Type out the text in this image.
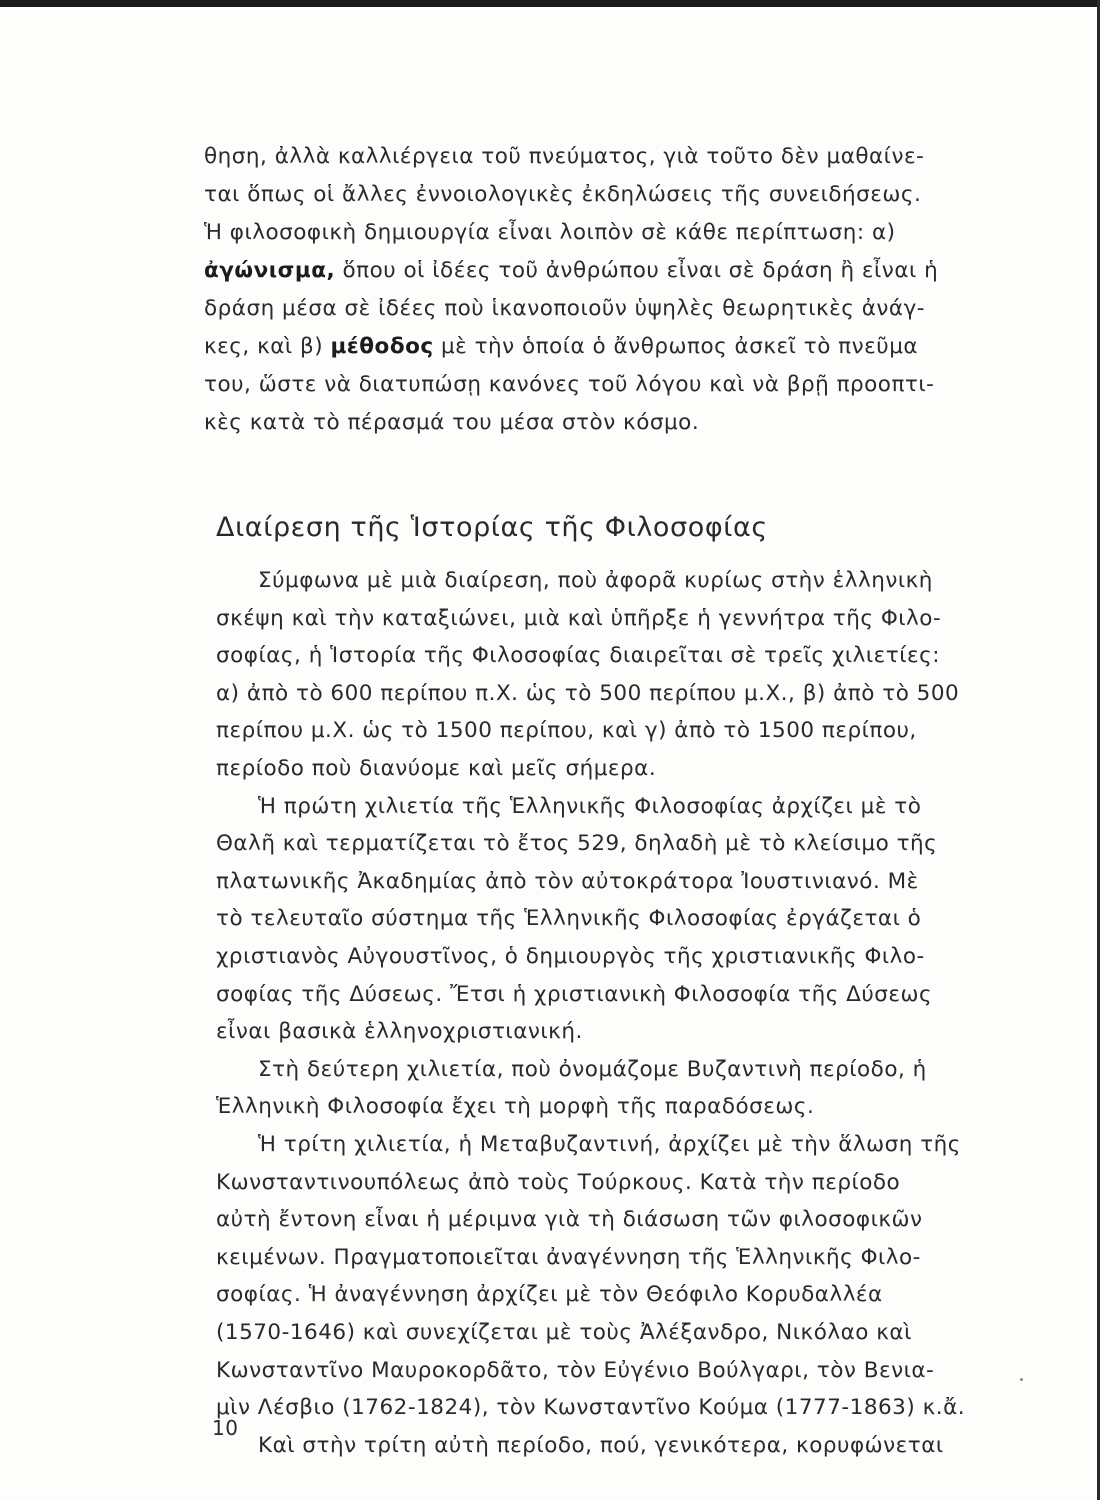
θηση, ἀλλὰ καλλιέργεια τοῦ πνεύματος, γιὰ τοῦτο δὲν μαθαίνε-

ται ὅπως οἱ ἄλλες ἐννοιολογικὲς ἐκδηλώσεις τῆς συνειδήσεως.

Ἡ φιλοσοφικὴ δημιουργία εἶναι λοιπὸν σὲ κάθε περίπτωση: α)

ἀγώνισμα, ὅπου οἱ ἰδέες τοῦ ἀνθρώπου εἶναι σὲ δράση ἢ εἶναι ἡ

δράση μέσα σὲ ἰδέες ποὺ ἱκανοποιοῦν ὑψηλὲς θεωρητικὲς ἀνάγ-

κες, καὶ β) μέθοδος μὲ τὴν ὁποία ὁ ἄνθρωπος ἀσκεῖ τὸ πνεῦμα

του, ὥστε νὰ διατυπώσῃ κανόνες τοῦ λόγου καὶ νὰ βρῇ προοπτι-

κὲς κατὰ τὸ πέρασμά του μέσα στὸν κόσμο.

Διαίρεση τῆς Ἱστορίας τῆς Φιλοσοφίας

Σύμφωνα μὲ μιὰ διαίρεση, ποὺ ἀφορᾶ κυρίως στὴν ἑλληνικὴ

σκέψη καὶ τὴν καταξιώνει, μιὰ καὶ ὑπῆρξε ἡ γεννήτρα τῆς Φιλο-

σοφίας, ἡ Ἱστορία τῆς Φιλοσοφίας διαιρεῖται σὲ τρεῖς χιλιετίες:

α) ἀπὸ τὸ 600 περίπου π.Χ. ὡς τὸ 500 περίπου μ.Χ., β) ἀπὸ τὸ 500

περίπου μ.Χ. ὡς τὸ 1500 περίπου, καὶ γ) ἀπὸ τὸ 1500 περίπου,

περίοδο ποὺ διανύομε καὶ μεῖς σήμερα.

Ἡ πρώτη χιλιετία τῆς Ἑλληνικῆς Φιλοσοφίας ἀρχίζει μὲ τὸ

Θαλῆ καὶ τερματίζεται τὸ ἔτος 529, δηλαδὴ μὲ τὸ κλείσιμο τῆς

πλατωνικῆς Ἀκαδημίας ἀπὸ τὸν αὐτοκράτορα Ἰουστινιανό. Μὲ

τὸ τελευταῖο σύστημα τῆς Ἑλληνικῆς Φιλοσοφίας ἐργάζεται ὁ

χριστιανὸς Αὐγουστῖνος, ὁ δημιουργὸς τῆς χριστιανικῆς Φιλο-

σοφίας τῆς Δύσεως. Ἔτσι ἡ χριστιανικὴ Φιλοσοφία τῆς Δύσεως

εἶναι βασικὰ ἑλληνοχριστιανική.

Στὴ δεύτερη χιλιετία, ποὺ ὀνομάζομε Βυζαντινὴ περίοδο, ἡ

Ἑλληνικὴ Φιλοσοφία ἔχει τὴ μορφὴ τῆς παραδόσεως.

Ἡ τρίτη χιλιετία, ἡ Μεταβυζαντινή, ἀρχίζει μὲ τὴν ἅλωση τῆς

Κωνσταντινουπόλεως ἀπὸ τοὺς Τούρκους. Κατὰ τὴν περίοδο

αὐτὴ ἔντονη εἶναι ἡ μέριμνα γιὰ τὴ διάσωση τῶν φιλοσοφικῶν

κειμένων. Πραγματοποιεῖται ἀναγέννηση τῆς Ἑλληνικῆς Φιλο-

σοφίας. Ἡ ἀναγέννηση ἀρχίζει μὲ τὸν Θεόφιλο Κορυδαλλέα

(1570-1646) καὶ συνεχίζεται μὲ τοὺς Ἀλέξανδρο, Νικόλαο καὶ

Κωνσταντῖνο Μαυροκορδᾶτο, τὸν Εὐγένιο Βούλγαρι, τὸν Βενια-

μὶν Λέσβιο (1762-1824), τὸν Κωνσταντῖνο Κούμα (1777-1863) κ.ἄ.

Καὶ στὴν τρίτη αὐτὴ περίοδο, πού, γενικότερα, κορυφώνεται

10
